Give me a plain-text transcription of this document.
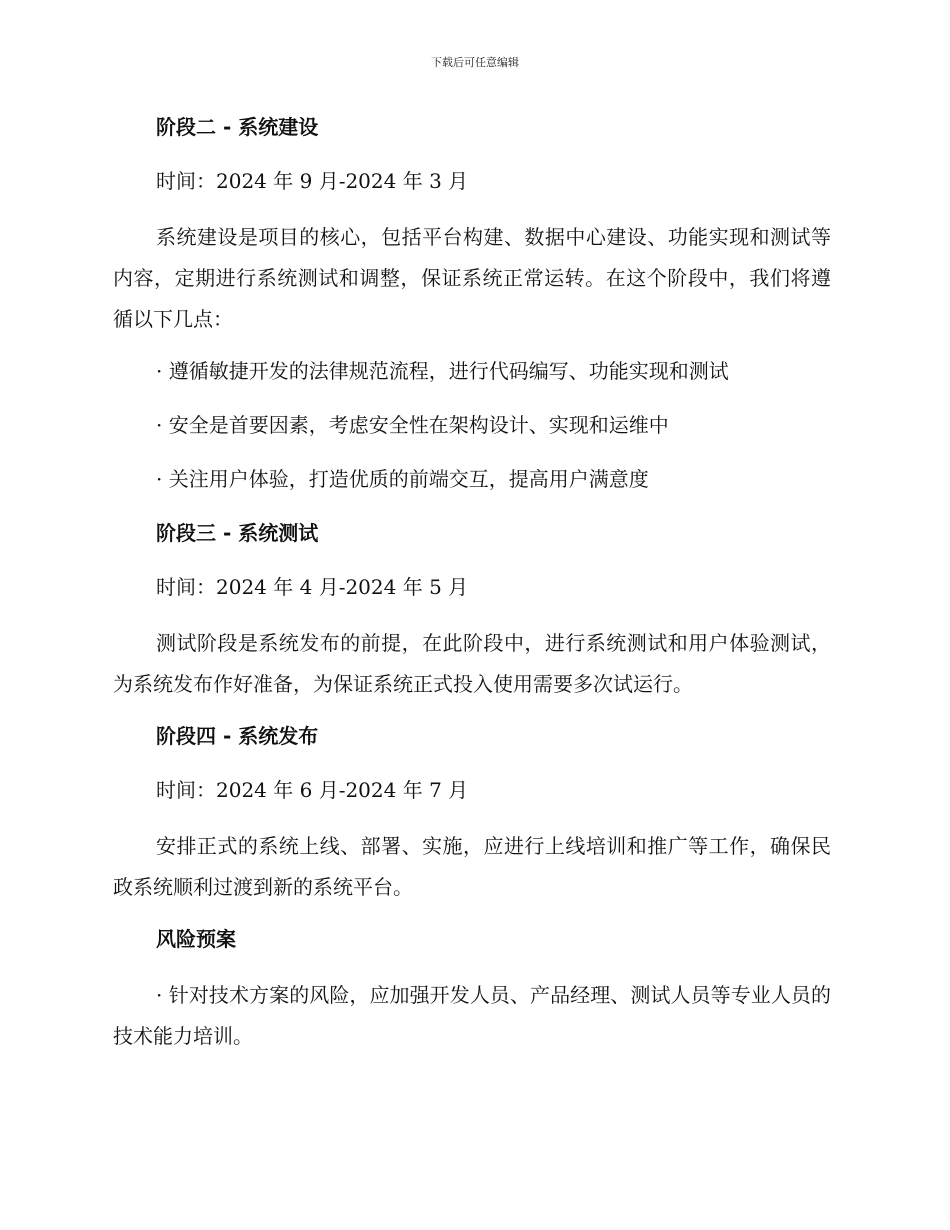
下载后可任意编辑
阶段二 - 系统建设
时间：2024 年 9 月-2024 年 3 月

系统建设是项目的核心，包括平台构建、数据中心建设、功能实现和测试等内容，定期进行系统测试和调整，保证系统正常运转。在这个阶段中，我们将遵循以下几点：

· 遵循敏捷开发的法律规范流程，进行代码编写、功能实现和测试
· 安全是首要因素，考虑安全性在架构设计、实现和运维中
· 关注用户体验，打造优质的前端交互，提高用户满意度
阶段三 - 系统测试
时间：2024 年 4 月-2024 年 5 月

测试阶段是系统发布的前提，在此阶段中，进行系统测试和用户体验测试，为系统发布作好准备，为保证系统正式投入使用需要多次试运行。

阶段四 - 系统发布
时间：2024 年 6 月-2024 年 7 月

安排正式的系统上线、部署、实施，应进行上线培训和推广等工作，确保民政系统顺利过渡到新的系统平台。

风险预案

· 针对技术方案的风险，应加强开发人员、产品经理、测试人员等专业人员的技术能力培训。
